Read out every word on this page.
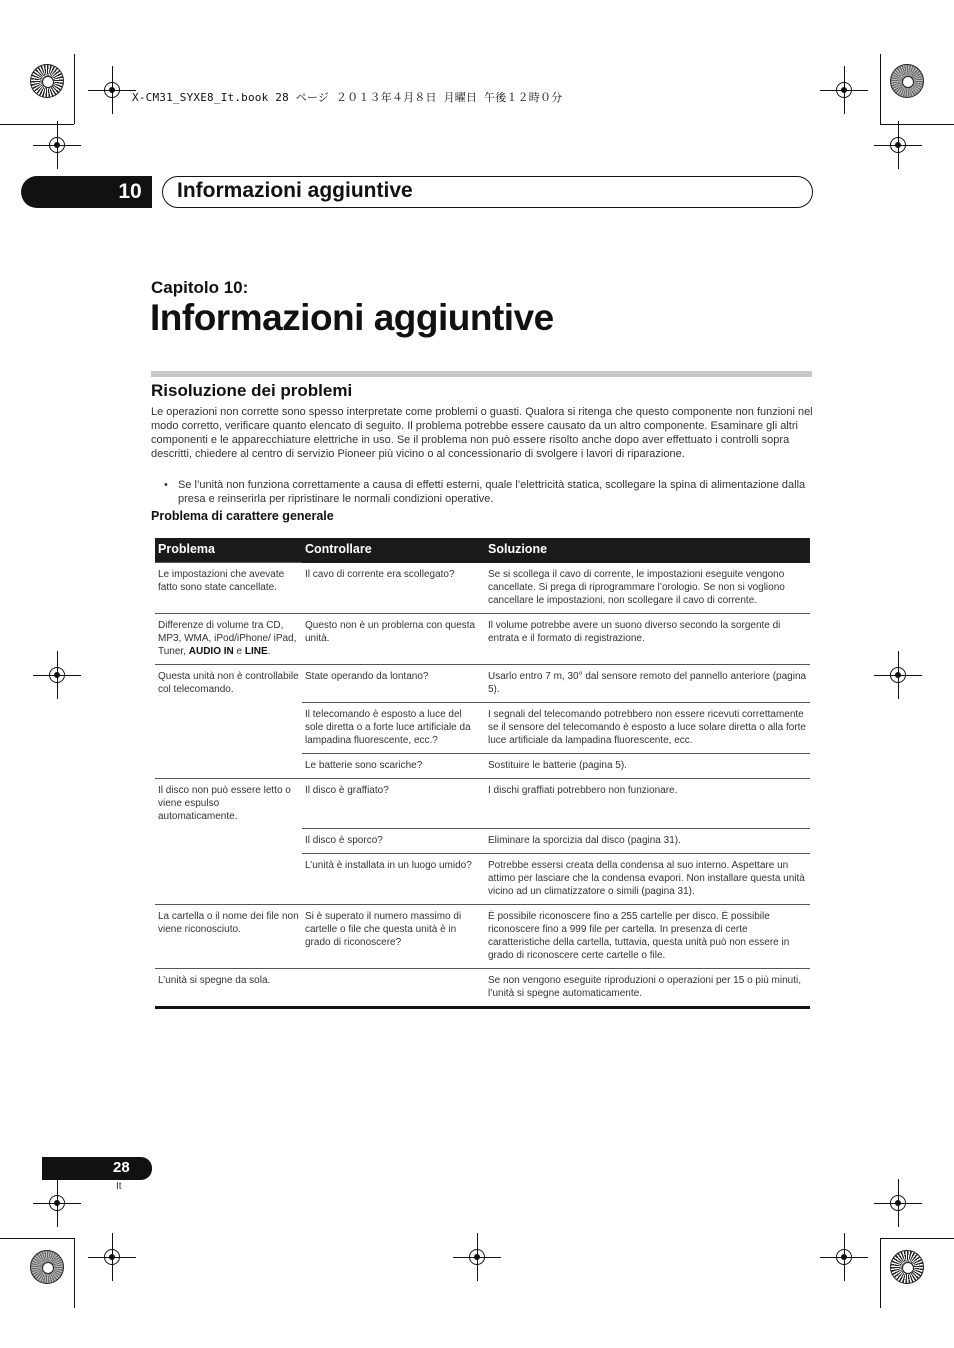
X-CM31_SYXE8_It.book 28 ページ ２０１３年４月８日 月曜日 午後１２時０分
10 Informazioni aggiuntive
Capitolo 10:
Informazioni aggiuntive
Risoluzione dei problemi
Le operazioni non corrette sono spesso interpretate come problemi o guasti. Qualora si ritenga che questo componente non funzioni nel modo corretto, verificare quanto elencato di seguito. Il problema potrebbe essere causato da un altro componente. Esaminare gli altri componenti e le apparecchiature elettriche in uso. Se il problema non può essere risolto anche dopo aver effettuato i controlli sopra descritti, chiedere al centro di servizio Pioneer più vicino o al concessionario di svolgere i lavori di riparazione.
• Se l’unità non funziona correttamente a causa di effetti esterni, quale l’elettricità statica, scollegare la spina di alimentazione dalla presa e reinserirla per ripristinare le normali condizioni operative.
Problema di carattere generale
Problema	Controllare	Soluzione
Le impostazioni che avevate fatto sono state cancellate.	Il cavo di corrente era scollegato?	Se si scollega il cavo di corrente, le impostazioni eseguite vengono cancellate. Si prega di riprogrammare l’orologio. Se non si vogliono cancellare le impostazioni, non scollegare il cavo di corrente.
Differenze di volume tra CD, MP3, WMA, iPod/iPhone/ iPad, Tuner, AUDIO IN e LINE.	Questo non è un problema con questa unità.	Il volume potrebbe avere un suono diverso secondo la sorgente di entrata e il formato di registrazione.
Questa unità non è controllabile col telecomando.	State operando da lontano?	Usarlo entro 7 m, 30° dal sensore remoto del pannello anteriore (pagina 5).
	Il telecomando è esposto a luce del sole diretta o a forte luce artificiale da lampadina fluorescente, ecc.?	I segnali del telecomando potrebbero non essere ricevuti correttamente se il sensore del telecomando è esposto a luce solare diretta o alla forte luce artificiale da lampadina fluorescente, ecc.
	Le batterie sono scariche?	Sostituire le batterie (pagina 5).
Il disco non può essere letto o viene espulso automaticamente.	Il disco è graffiato?	I dischi graffiati potrebbero non funzionare.
	Il disco è sporco?	Eliminare la sporcizia dal disco (pagina 31).
	L’unità è installata in un luogo umido?	Potrebbe essersi creata della condensa al suo interno. Aspettare un attimo per lasciare che la condensa evapori. Non installare questa unità vicino ad un climatizzatore o simili (pagina 31).
La cartella o il nome dei file non viene riconosciuto.	Si è superato il numero massimo di cartelle o file che questa unità è in grado di riconoscere?	È possibile riconoscere fino a 255 cartelle per disco. È possibile riconoscere fino a 999 file per cartella. In presenza di certe caratteristiche della cartella, tuttavia, questa unità può non essere in grado di riconoscere certe cartelle o file.
L’unità si spegne da sola.		Se non vengono eseguite riproduzioni o operazioni per 15 o più minuti, l’unità si spegne automaticamente.
28
It
